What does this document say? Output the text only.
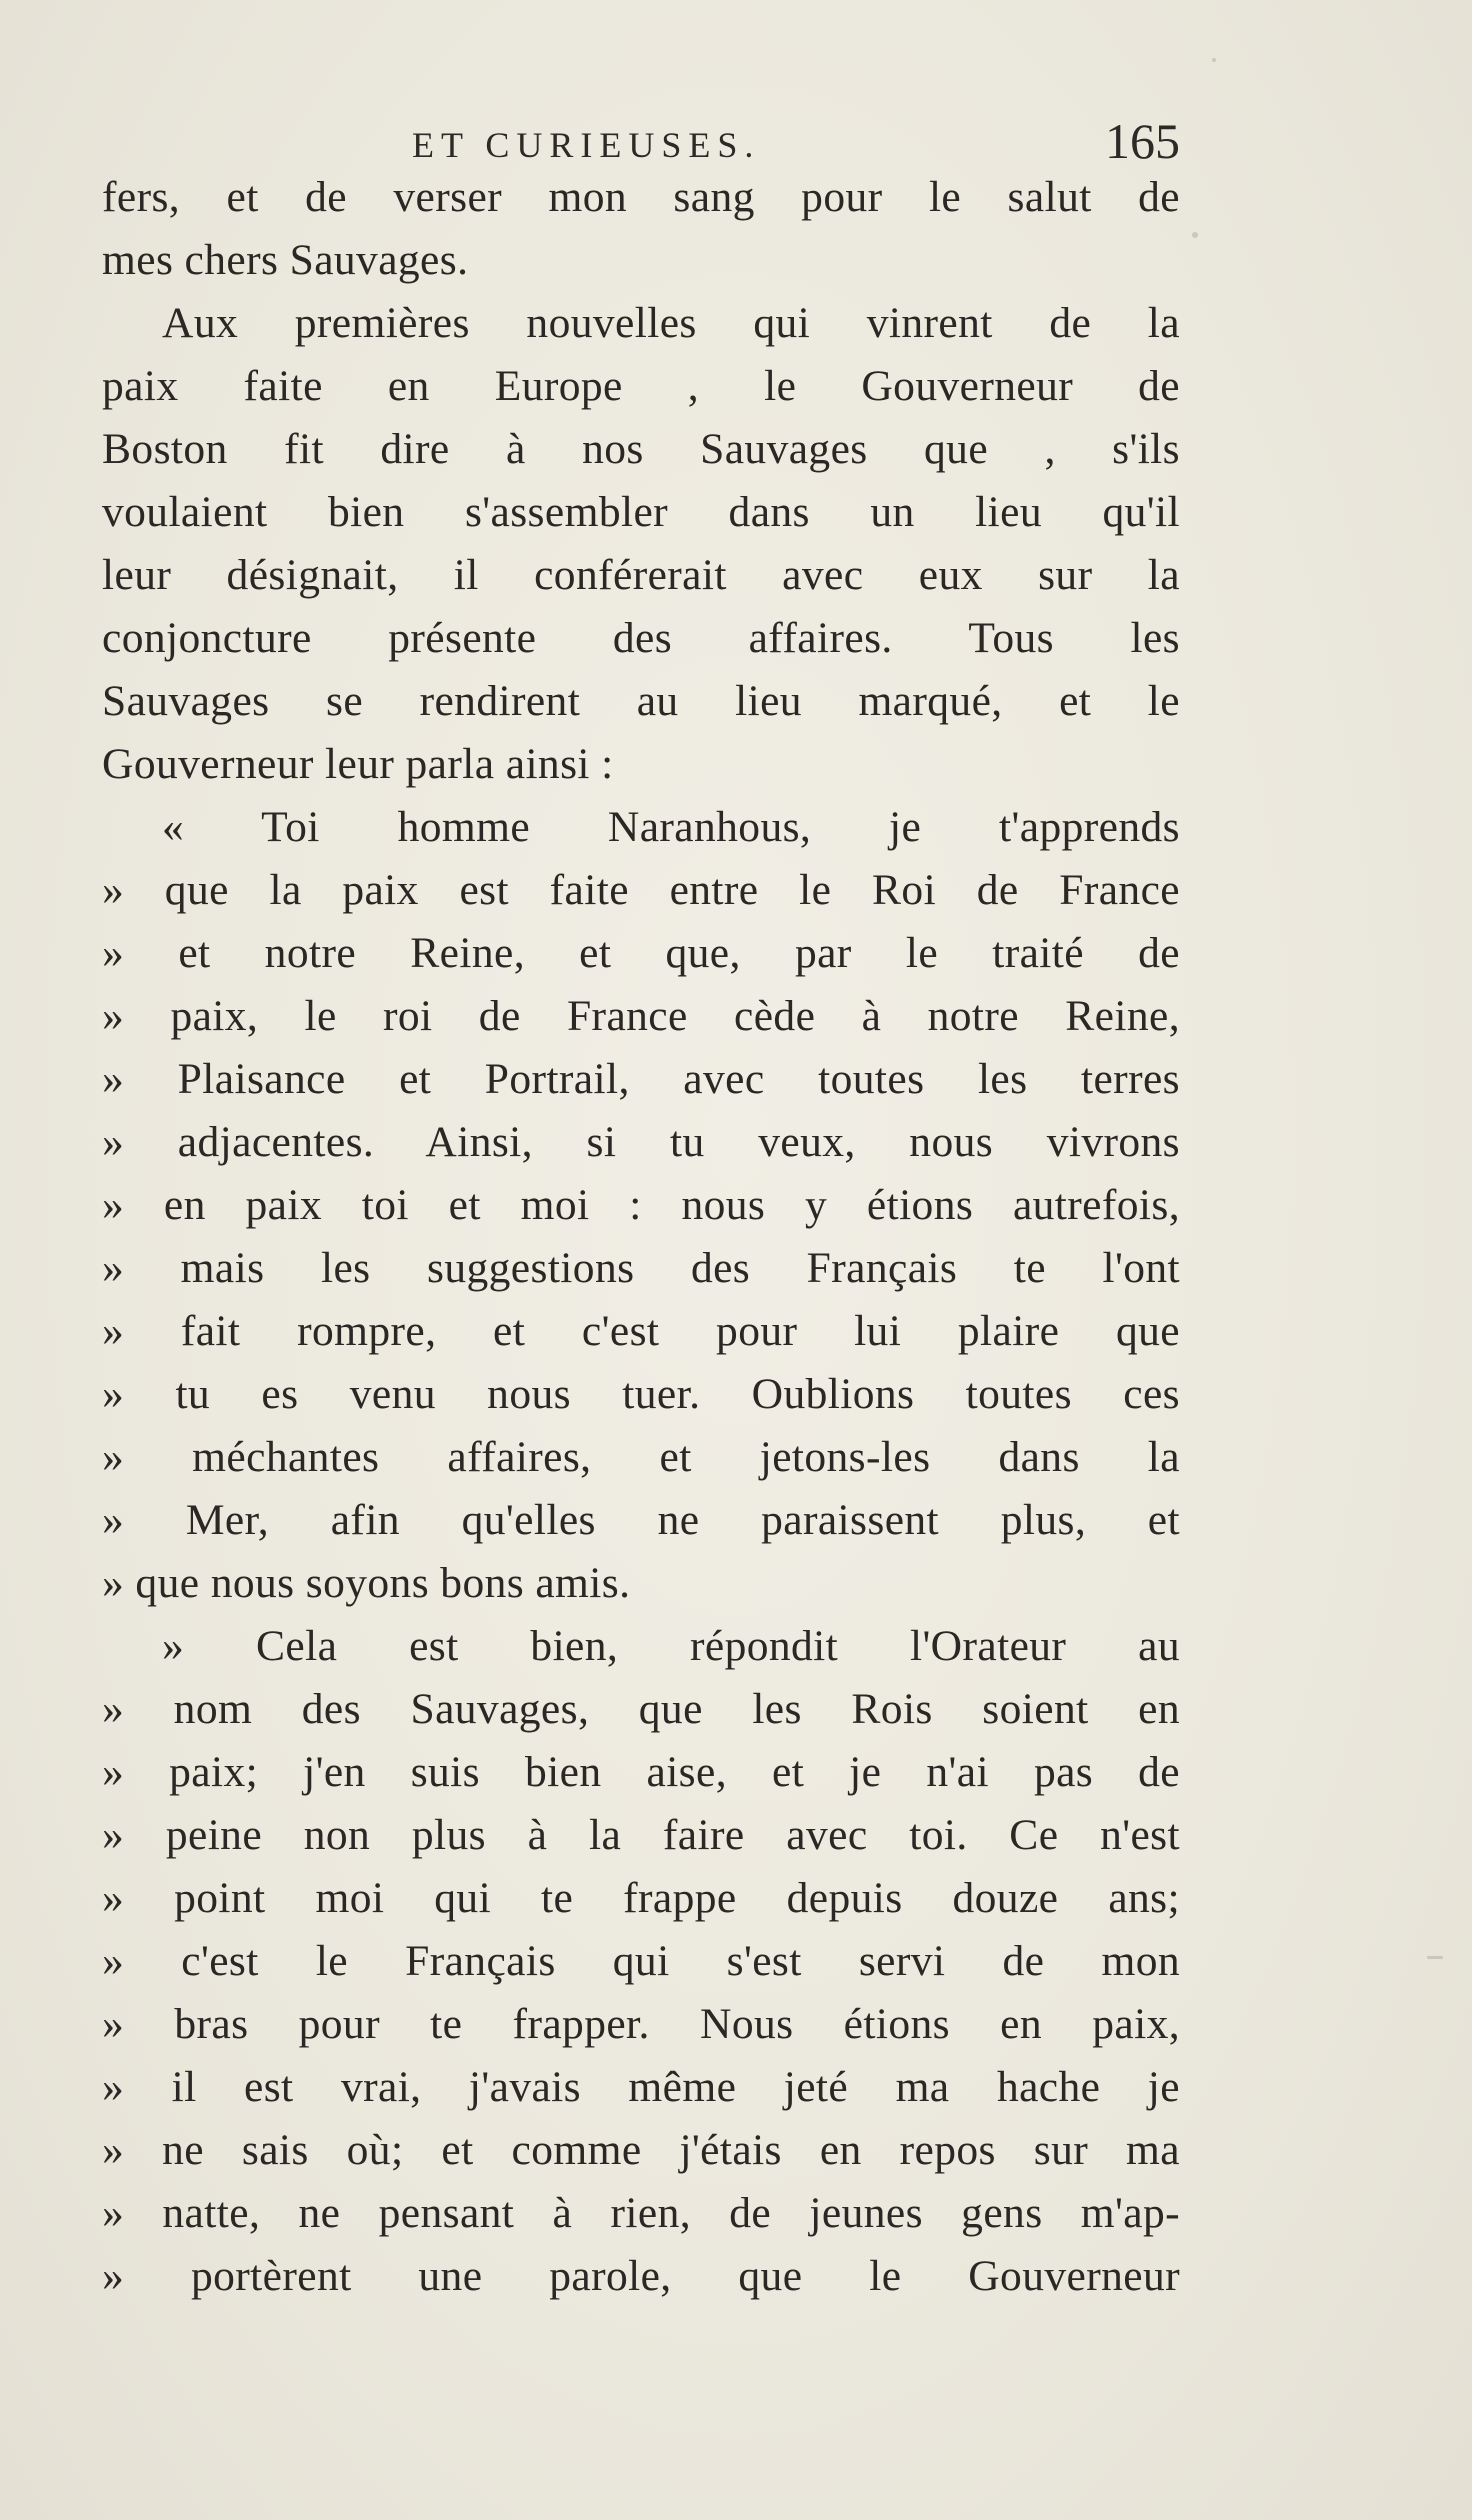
ET CURIEUSES.	165
fers, et de verser mon sang pour le salut de
mes chers Sauvages.
Aux premières nouvelles qui vinrent de la
paix faite en Europe , le Gouverneur de
Boston fit dire à nos Sauvages que , s'ils
voulaient bien s'assembler dans un lieu qu'il
leur désignait, il conférerait avec eux sur la
conjoncture présente des affaires. Tous les
Sauvages se rendirent au lieu marqué, et le
Gouverneur leur parla ainsi :
« Toi homme Naranhous, je t'apprends
» que la paix est faite entre le Roi de France
» et notre Reine, et que, par le traité de
» paix, le roi de France cède à notre Reine,
» Plaisance et Portrail, avec toutes les terres
» adjacentes. Ainsi, si tu veux, nous vivrons
» en paix toi et moi : nous y étions autrefois,
» mais les suggestions des Français te l'ont
» fait rompre, et c'est pour lui plaire que
» tu es venu nous tuer. Oublions toutes ces
» méchantes affaires, et jetons-les dans la
» Mer, afin qu'elles ne paraissent plus, et
» que nous soyons bons amis.
» Cela est bien, répondit l'Orateur au
» nom des Sauvages, que les Rois soient en
» paix; j'en suis bien aise, et je n'ai pas de
» peine non plus à la faire avec toi. Ce n'est
» point moi qui te frappe depuis douze ans;
» c'est le Français qui s'est servi de mon
» bras pour te frapper. Nous étions en paix,
» il est vrai, j'avais même jeté ma hache je
» ne sais où; et comme j'étais en repos sur ma
» natte, ne pensant à rien, de jeunes gens m'ap-
» portèrent une parole, que le Gouverneur
